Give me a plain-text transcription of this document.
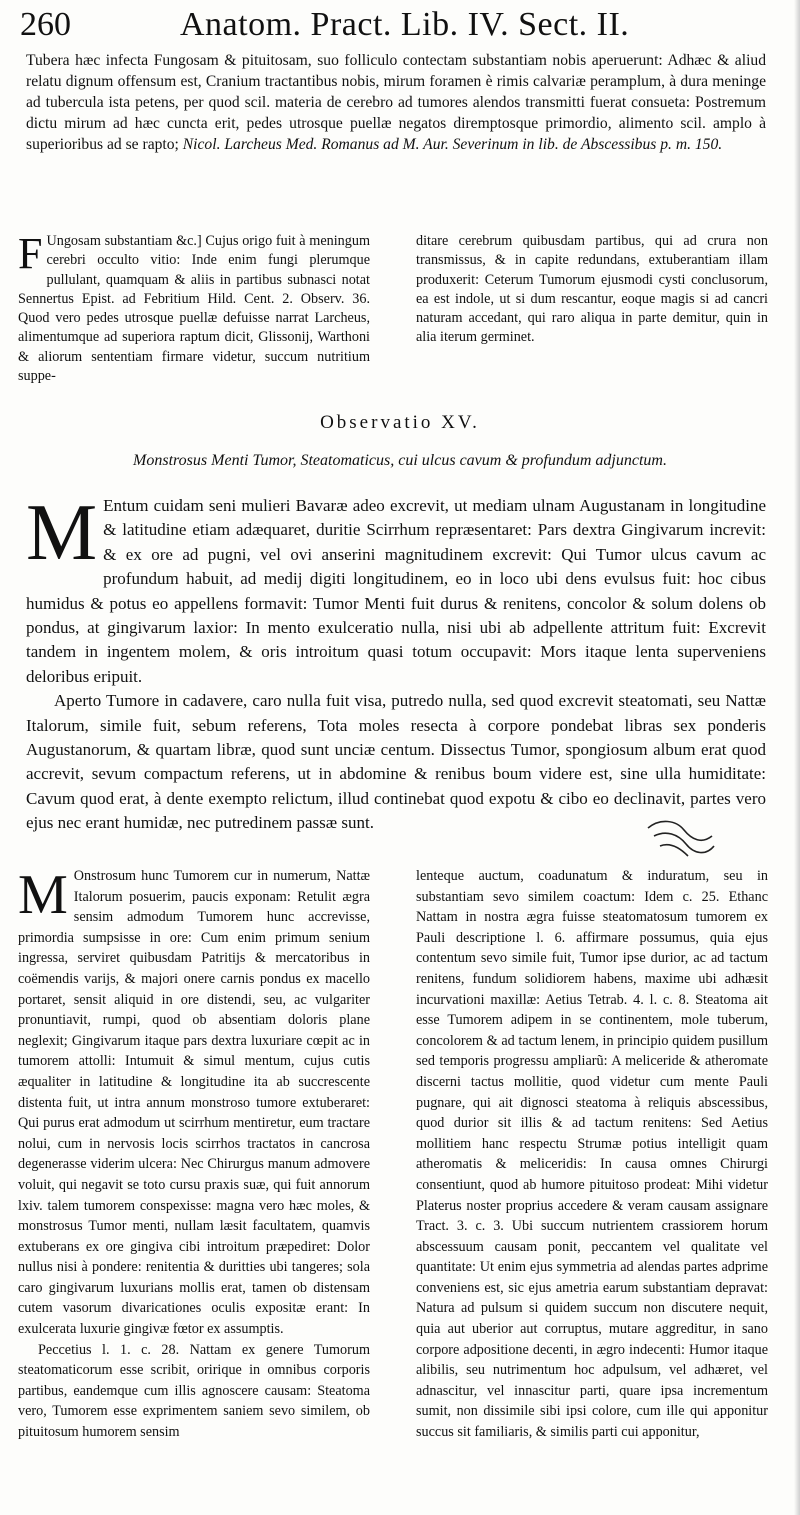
260	Anatom. Pract. Lib. IV. Sect. II.
Tubera hæc infecta Fungosam & pituitosam, suo folliculo contectam substantiam nobis aperuerunt: Adhæc & aliud relatu dignum offensum est, Cranium tractantibus nobis, mirum foramen è rimis calvariæ peramplum, à dura meninge ad tubercula ista petens, per quod scil. materia de cerebro ad tumores alendos transmitti fuerat consueta: Postremum dictu mirum ad hæc cuncta erit, pedes utrosque puellæ negatos diremptosque primordio, alimento scil. amplo à superioribus ad se rapto; Nicol. Larcheus Med. Romanus ad M. Aur. Severinum in lib. de Abscessibus p. m. 150.

F Ungosam substantiam &c.] Cujus origo fuit à meningum cerebri occulto vitio: Inde enim fungi plerumque pullulant, quamquam & aliis in partibus subnasci notat Sennertus Epist. ad Febritium Hild. Cent. 2. Observ. 36. Quod vero pedes utrosque puellæ defuisse narrat Larcheus, alimentumque ad superiora raptum dicit, Glissonij, Warthoni & aliorum sententiam firmare videtur, succum nutritium suppe-

ditare cerebrum quibusdam partibus, qui ad crura non transmissus, & in capite redundans, extuberantiam illam produxerit: Ceterum Tumorum ejusmodi cysti conclusorum, ea est indole, ut si dum rescantur, eoque magis si ad cancri naturam accedant, qui raro aliqua in parte demitur, quin in alia iterum germinet.

Observatio XV.
Monstrosus Menti Tumor, Steatomaticus, cui ulcus cavum & profundum adjunctum.

M Entum cuidam seni mulieri Bavaræ adeo excrevit, ut mediam ulnam Augustanam in longitudine & latitudine etiam adæquaret, duritie Scirrhum repræsentaret: Pars dextra Gingivarum increvit: & ex ore ad pugni, vel ovi anserini magnitudinem excrevit: Qui Tumor ulcus cavum ac profundum habuit, ad medij digiti longitudinem, eo in loco ubi dens evulsus fuit: hoc cibus humidus & potus eo appellens formavit: Tumor Menti fuit durus & renitens, concolor & solum dolens ob pondus, at gingivarum laxior: In mento exulceratio nulla, nisi ubi ab adpellente attritum fuit: Excrevit tandem in ingentem molem, & oris introitum quasi totum occupavit: Mors itaque lenta superveniens deloribus eripuit.

Aperto Tumore in cadavere, caro nulla fuit visa, putredo nulla, sed quod excrevit steatomati, seu Nattæ Italorum, simile fuit, sebum referens, Tota moles resecta à corpore pondebat libras sex ponderis Augustanorum, & quartam libræ, quod sunt unciæ centum. Dissectus Tumor, spongiosum album erat quod accrevit, sevum compactum referens, ut in abdomine & renibus boum videre est, sine ulla humiditate: Cavum quod erat, à dente exempto relictum, illud continebat quod expotu & cibo eo declinavit, partes vero ejus nec erant humidæ, nec putredinem passæ sunt.

M Onstrosum hunc Tumorem cur in numerum, Nattæ Italorum posuerim, paucis exponam: Retulit ægra sensim admodum Tumorem hunc accrevisse, primordia sumpsisse in ore: Cum enim primum senium ingressa, serviret quibusdam Patritijs & mercatoribus in coëmendis varijs, & majori onere carnis pondus ex macello portaret, sensit aliquid in ore distendi, seu, ac vulgariter pronuntiavit, rumpi, quod ob absentiam doloris plane neglexit; Gingivarum itaque pars dextra luxuriare cœpit ac in tumorem attolli: Intumuit & simul mentum, cujus cutis æqualiter in latitudine & longitudine ita ab succrescente distenta fuit, ut intra annum monstroso tumore extuberaret: Qui purus erat admodum ut scirrhum mentiretur, eum tractare nolui, cum in nervosis locis scirrhos tractatos in cancrosa degenerasse viderim ulcera: Nec Chirurgus manum admovere voluit, qui negavit se toto cursu praxis suæ, qui fuit annorum lxiv. talem tumorem conspexisse: magna vero hæc moles, & monstrosus Tumor menti, nullam læsit facultatem, quamvis extuberans ex ore gingiva cibi introitum præpediret: Dolor nullus nisi à pondere: renitentia & duritties ubi tangeres; sola caro gingivarum luxurians mollis erat, tamen ob distensam cutem vasorum divaricationes oculis expositæ erant: In exulcerata luxurie gingivæ fœtor ex assumptis.

Peccetius l. 1. c. 28. Nattam ex genere Tumorum steatomaticorum esse scribit, oririque in omnibus corporis partibus, eandemque cum illis agnoscere causam: Steatoma vero, Tumorem esse exprimentem saniem sevo similem, ob pituitosum humorem sensim

lenteque auctum, coadunatum & induratum, seu in substantiam sevo similem coactum: Idem c. 25. Ethanc Nattam in nostra ægra fuisse steatomatosum tumorem ex Pauli descriptione l. 6. affirmare possumus, quia ejus contentum sevo simile fuit, Tumor ipse durior, ac ad tactum renitens, fundum solidiorem habens, maxime ubi adhæsit incurvationi maxillæ: Aetius Tetrab. 4. l. c. 8. Steatoma ait esse Tumorem adipem in se continentem, mole tuberum, concolorem & ad tactum lenem, in principio quidem pusillum sed temporis progressu ampliarũ: A meliceride & atheromate discerni tactus mollitie, quod videtur cum mente Pauli pugnare, qui ait dignosci steatoma à reliquis abscessibus, quod durior sit illis & ad tactum renitens: Sed Aetius mollitiem hanc respectu Strumæ potius intelligit quam atheromatis & meliceridis: In causa omnes Chirurgi consentiunt, quod ab humore pituitoso prodeat: Mihi videtur Platerus noster proprius accedere & veram causam assignare Tract. 3. c. 3. Ubi succum nutrientem crassiorem horum abscessuum causam ponit, peccantem vel qualitate vel quantitate: Ut enim ejus symmetria ad alendas partes adprime conveniens est, sic ejus ametria earum substantiam depravat: Natura ad pulsum si quidem succum non discutere nequit, quia aut uberior aut corruptus, mutare aggreditur, in sano corpore adpositione decenti, in ægro indecenti: Humor itaque alibilis, seu nutrimentum hoc adpulsum, vel adhæret, vel adnascitur, vel innascitur parti, quare ipsa incrementum sumit, non dissimile sibi ipsi colore, cum ille qui apponitur succus sit familiaris, & similis parti cui apponitur,
